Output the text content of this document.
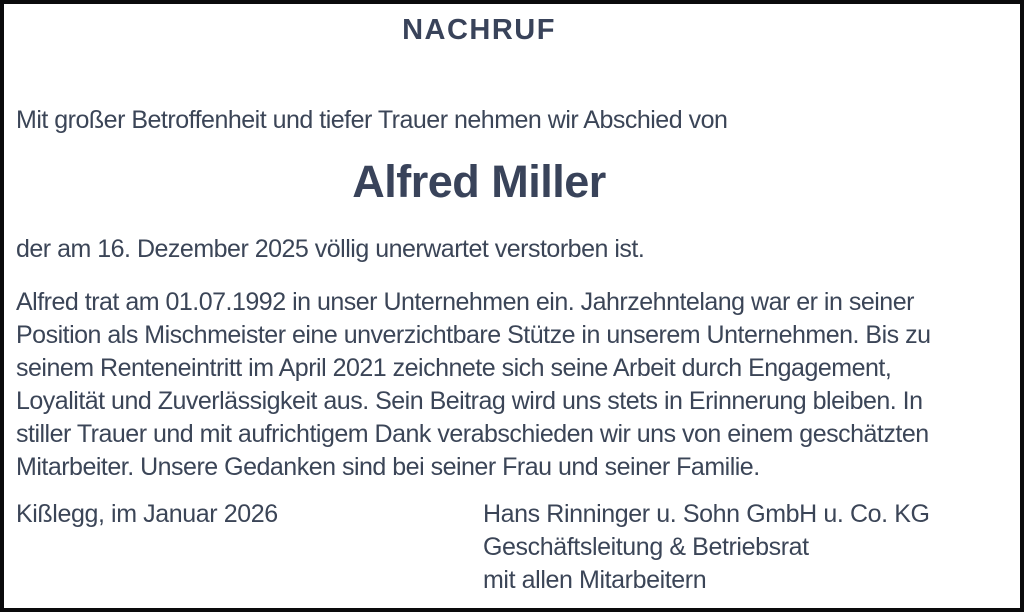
NACHRUF
Mit großer Betroffenheit und tiefer Trauer nehmen wir Abschied von
Alfred Miller
der am 16. Dezember 2025 völlig unerwartet verstorben ist.
Alfred trat am 01.07.1992 in unser Unternehmen ein. Jahrzehntelang war er in seiner
Position als Mischmeister eine unverzichtbare Stütze in unserem Unternehmen. Bis zu
seinem Renteneintritt im April 2021 zeichnete sich seine Arbeit durch Engagement,
Loyalität und Zuverlässigkeit aus. Sein Beitrag wird uns stets in Erinnerung bleiben. In
stiller Trauer und mit aufrichtigem Dank verabschieden wir uns von einem geschätzten
Mitarbeiter. Unsere Gedanken sind bei seiner Frau und seiner Familie.
Kißlegg, im Januar 2026	Hans Rinninger u. Sohn GmbH u. Co. KG
Geschäftsleitung & Betriebsrat
mit allen Mitarbeitern
